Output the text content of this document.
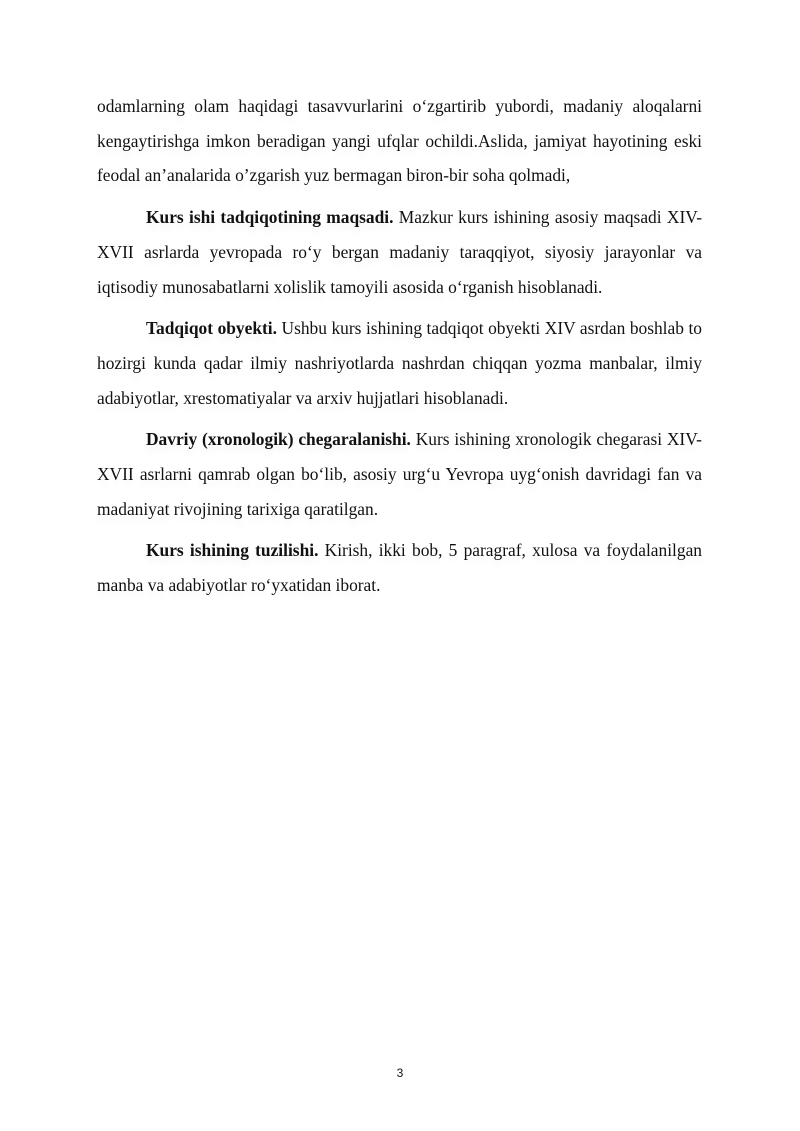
odamlarning olam haqidagi tasavvurlarini o‘zgartirib yubordi, madaniy aloqalarni kengaytirishga imkon beradigan yangi ufqlar ochildi.Aslida, jamiyat hayotining eski feodal an’analarida o’zgarish yuz bermagan biron-bir soha qolmadi,

Kurs ishi tadqiqotining maqsadi. Mazkur kurs ishining asosiy maqsadi XIV- XVII asrlarda yevropada ro‘y bergan madaniy taraqqiyot, siyosiy jarayonlar va iqtisodiy munosabatlarni xolislik tamoyili asosida o‘rganish hisoblanadi.

Tadqiqot obyekti. Ushbu kurs ishining tadqiqot obyekti XIV asrdan boshlab to hozirgi kunda qadar ilmiy nashriyotlarda nashrdan chiqqan yozma manbalar, ilmiy adabiyotlar, xrestomatiyalar va arxiv hujjatlari hisoblanadi.

Davriy (xronologik) chegaralanishi. Kurs ishining xronologik chegarasi XIV-XVII asrlarni qamrab olgan bo‘lib, asosiy urg‘u Yevropa uyg‘onish davridagi fan va madaniyat rivojining tarixiga qaratilgan.

Kurs ishining tuzilishi. Kirish, ikki bob, 5 paragraf, xulosa va foydalanilgan manba va adabiyotlar ro‘yxatidan iborat.

3
